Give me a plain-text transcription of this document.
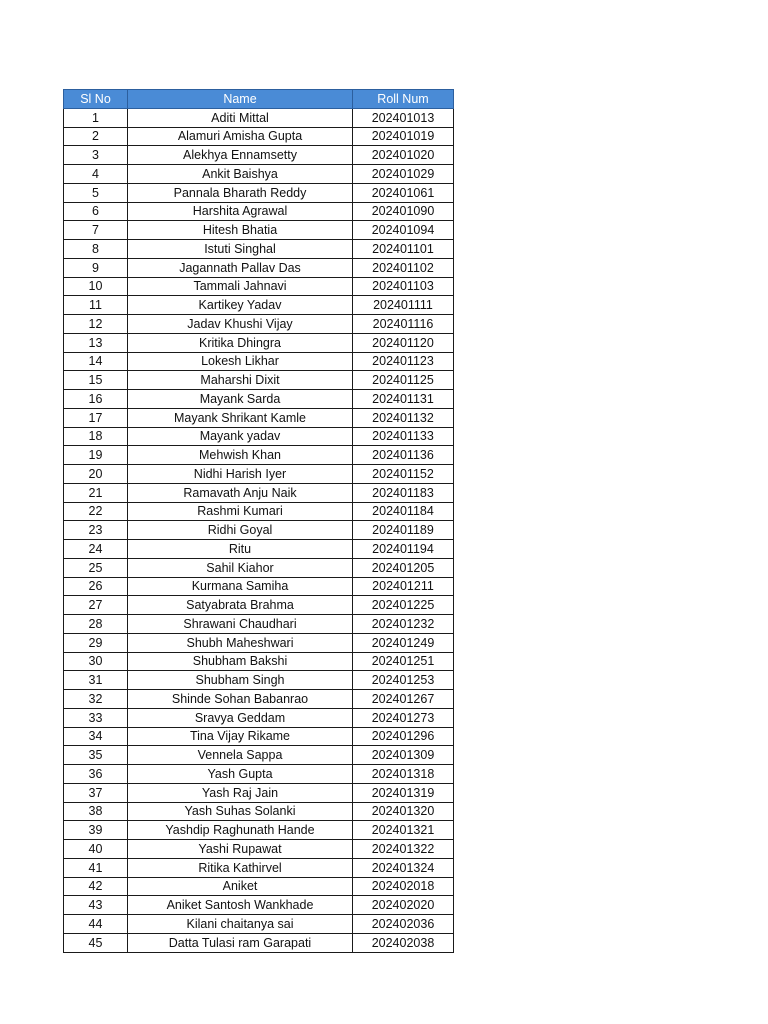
Sl No	Name	Roll Num
1	Aditi Mittal	202401013
2	Alamuri Amisha Gupta	202401019
3	Alekhya Ennamsetty	202401020
4	Ankit Baishya	202401029
5	Pannala Bharath Reddy	202401061
6	Harshita Agrawal	202401090
7	Hitesh Bhatia	202401094
8	Istuti Singhal	202401101
9	Jagannath Pallav Das	202401102
10	Tammali Jahnavi	202401103
11	Kartikey Yadav	202401111
12	Jadav Khushi Vijay	202401116
13	Kritika Dhingra	202401120
14	Lokesh Likhar	202401123
15	Maharshi Dixit	202401125
16	Mayank Sarda	202401131
17	Mayank Shrikant Kamle	202401132
18	Mayank yadav	202401133
19	Mehwish Khan	202401136
20	Nidhi Harish Iyer	202401152
21	Ramavath Anju Naik	202401183
22	Rashmi Kumari	202401184
23	Ridhi Goyal	202401189
24	Ritu	202401194
25	Sahil Kiahor	202401205
26	Kurmana Samiha	202401211
27	Satyabrata Brahma	202401225
28	Shrawani Chaudhari	202401232
29	Shubh Maheshwari	202401249
30	Shubham Bakshi	202401251
31	Shubham Singh	202401253
32	Shinde Sohan Babanrao	202401267
33	Sravya Geddam	202401273
34	Tina Vijay Rikame	202401296
35	Vennela Sappa	202401309
36	Yash Gupta	202401318
37	Yash Raj Jain	202401319
38	Yash Suhas Solanki	202401320
39	Yashdip Raghunath Hande	202401321
40	Yashi Rupawat	202401322
41	Ritika Kathirvel	202401324
42	Aniket	202402018
43	Aniket Santosh Wankhade	202402020
44	Kilani chaitanya sai	202402036
45	Datta Tulasi ram Garapati	202402038
